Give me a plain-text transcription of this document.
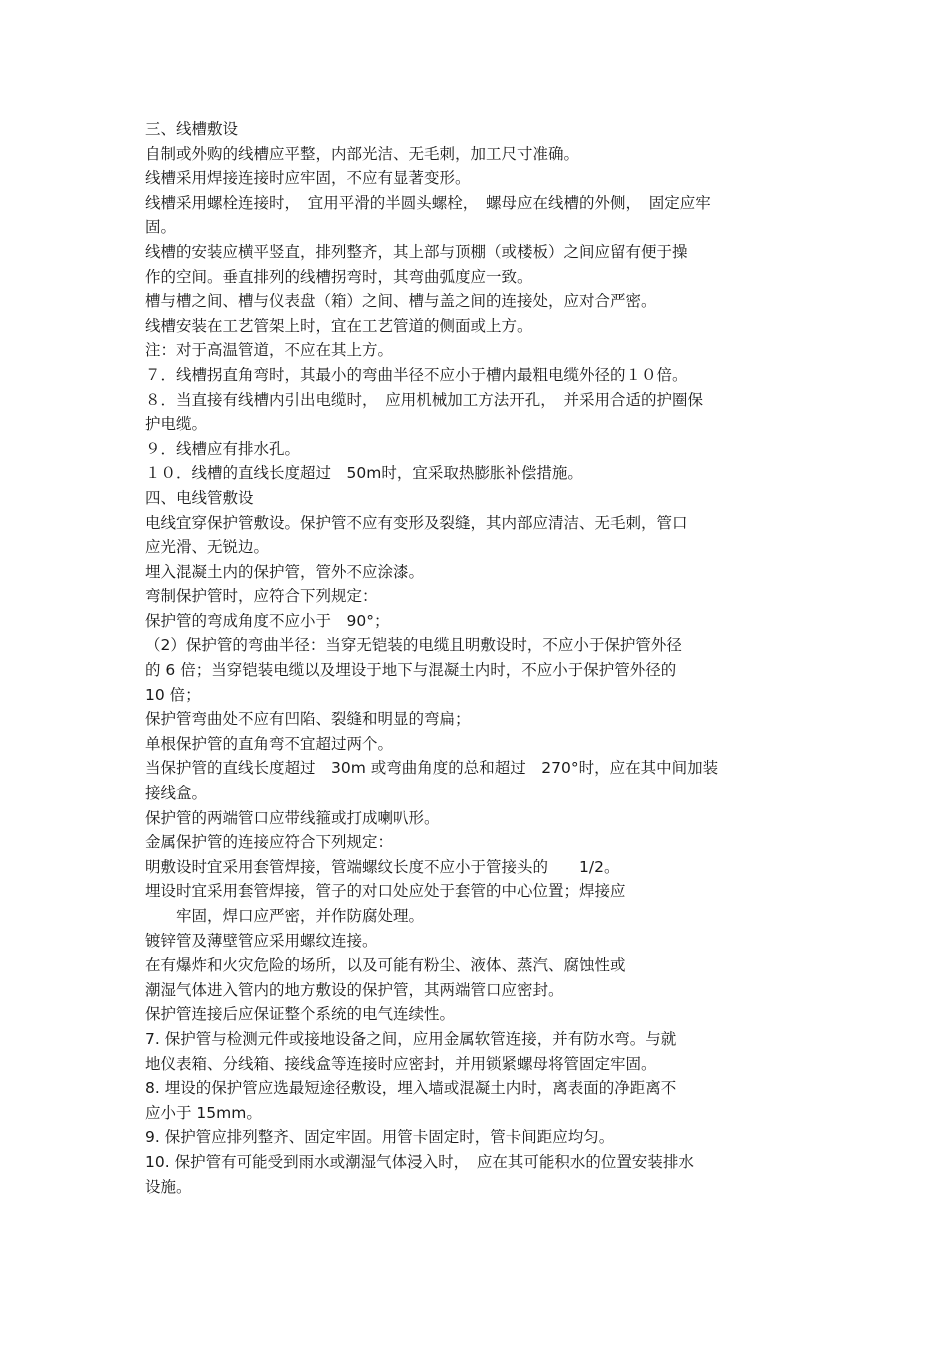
三、线槽敷设
自制或外购的线槽应平整，内部光洁、无毛刺，加工尺寸准确。
线槽采用焊接连接时应牢固，不应有显著变形。
线槽采用螺栓连接时，　宜用平滑的半圆头螺栓，　螺母应在线槽的外侧，　固定应牢
固。
线槽的安装应横平竖直，排列整齐，其上部与顶棚（或楼板）之间应留有便于操
作的空间。垂直排列的线槽拐弯时，其弯曲弧度应一致。
槽与槽之间、槽与仪表盘（箱）之间、槽与盖之间的连接处，应对合严密。
线槽安装在工艺管架上时，宜在工艺管道的侧面或上方。
注：对于高温管道，不应在其上方。
７．线槽拐直角弯时，其最小的弯曲半径不应小于槽内最粗电缆外径的１０倍。
８．当直接有线槽内引出电缆时，　应用机械加工方法开孔，　并采用合适的护圈保
护电缆。
９．线槽应有排水孔。
１０．线槽的直线长度超过　50m时，宜采取热膨胀补偿措施。
四、电线管敷设
电线宜穿保护管敷设。保护管不应有变形及裂缝，其内部应清洁、无毛刺，管口
应光滑、无锐边。
埋入混凝土内的保护管，管外不应涂漆。
弯制保护管时，应符合下列规定：
保护管的弯成角度不应小于　90°；
（2）保护管的弯曲半径：当穿无铠装的电缆且明敷设时，不应小于保护管外径
的 6 倍；当穿铠装电缆以及埋设于地下与混凝土内时，不应小于保护管外径的
10 倍；
保护管弯曲处不应有凹陷、裂缝和明显的弯扁；
单根保护管的直角弯不宜超过两个。
当保护管的直线长度超过　30m 或弯曲角度的总和超过　270°时，应在其中间加装
接线盒。
保护管的两端管口应带线箍或打成喇叭形。
金属保护管的连接应符合下列规定：
明敷设时宜采用套管焊接，管端螺纹长度不应小于管接头的　　1/2。
埋设时宜采用套管焊接，管子的对口处应处于套管的中心位置；焊接应
　　牢固，焊口应严密，并作防腐处理。
镀锌管及薄壁管应采用螺纹连接。
在有爆炸和火灾危险的场所，以及可能有粉尘、液体、蒸汽、腐蚀性或
潮湿气体进入管内的地方敷设的保护管，其两端管口应密封。
保护管连接后应保证整个系统的电气连续性。
7. 保护管与检测元件或接地设备之间，应用金属软管连接，并有防水弯。与就
地仪表箱、分线箱、接线盒等连接时应密封，并用锁紧螺母将管固定牢固。
8. 埋设的保护管应选最短途径敷设，埋入墙或混凝土内时，离表面的净距离不
应小于 15mm。
9. 保护管应排列整齐、固定牢固。用管卡固定时，管卡间距应均匀。
10. 保护管有可能受到雨水或潮湿气体浸入时，　应在其可能积水的位置安装排水
设施。
